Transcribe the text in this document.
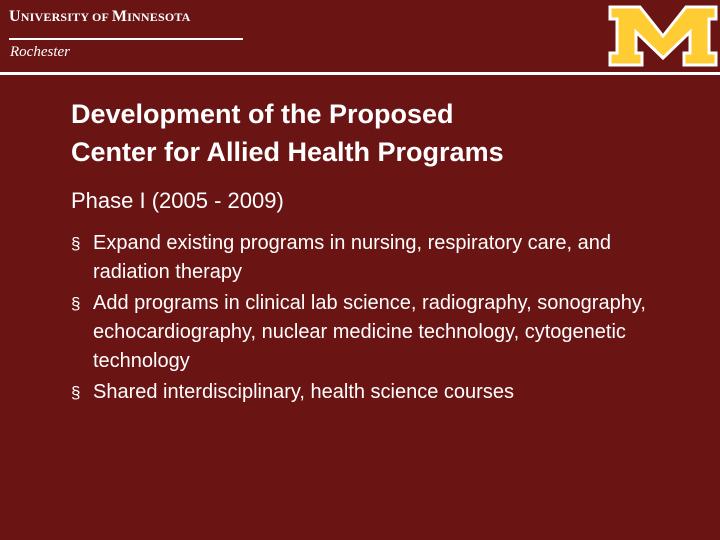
UNIVERSITY OF MINNESOTA
Rochester
Development of the Proposed
Center for Allied Health Programs
Phase I (2005 - 2009)
§ Expand existing programs in nursing, respiratory care, and radiation therapy
§ Add programs in clinical lab science, radiography, sonography, echocardiography, nuclear medicine technology, cytogenetic technology
§ Shared interdisciplinary, health science courses
